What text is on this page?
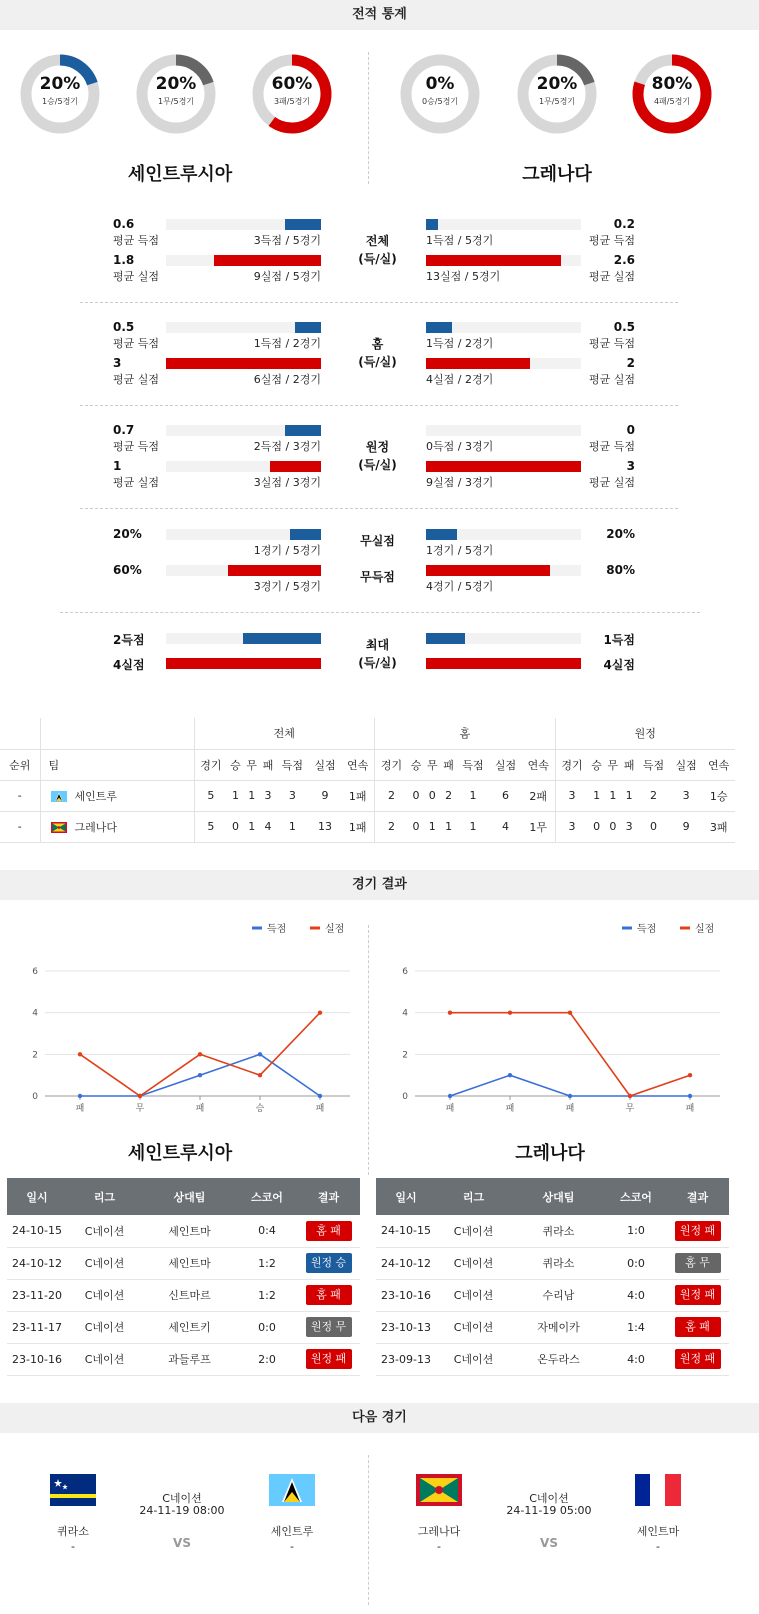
전적 통계
20%
1승/5경기
20%
1무/5경기
60%
3패/5경기
0%
0승/5경기
20%
1무/5경기
80%
4패/5경기
세인트루시아	그레나다
전체
(득/실)
0.6
평균 득점	3득점 / 5경기	1득점 / 5경기
0.2
평균 득점
1.8
평균 실점	9실점 / 5경기	13실점 / 5경기
2.6
평균 실점
홈
(득/실)
0.5
평균 득점	1득점 / 2경기	1득점 / 2경기
0.5
평균 득점
3
평균 실점	6실점 / 2경기	4실점 / 2경기
2
평균 실점
원정
(득/실)
0.7
평균 득점	2득점 / 3경기	0득점 / 3경기
0
평균 득점
1
평균 실점	3실점 / 3경기	9실점 / 3경기
3
평균 실점
무실점
20%
1경기 / 5경기	1경기 / 5경기
20%
무득점
60%
3경기 / 5경기	4경기 / 5경기
80%
최대
(득/실)
2득점	1득점
4실점	4실점
		전체							홈							원정						
순위	팀	경기	승	무	패	득점	실점	연속	경기	승	무	패	득점	실점	연속	경기	승	무	패	득점	실점	연속
-	세인트루	5	1	1	3	3	9	1패	2	0	0	2	1	6	2패	3	1	1	1	2	3	1승
-	그레나다	5	0	1	4	1	13	1패	2	0	1	1	1	4	1무	3	0	0	3	0	9	3패
경기 결과
득점	실점
0
2
4
6
패	무	패	승	패
득점	실점
0
2
4
6
패	패	패	무	패
세인트루시아	그레나다
일시	리그	상대팀	스코어	결과
24-10-15	C네이션	세인트마	0:4	홈 패
24-10-12	C네이션	세인트마	1:2	원정 승
23-11-20	C네이션	신트마르	1:2	홈 패
23-11-17	C네이션	세인트키	0:0	원정 무
23-10-16	C네이션	과들루프	2:0	원정 패
일시	리그	상대팀	스코어	결과
24-10-15	C네이션	퀴라소	1:0	원정 패
24-10-12	C네이션	퀴라소	0:0	홈 무
23-10-16	C네이션	수리남	4:0	원정 패
23-10-13	C네이션	자메이카	1:4	홈 패
23-09-13	C네이션	온두라스	4:0	원정 패
다음 경기
퀴라소
-
C네이션
24-11-19 08:00
VS
세인트루
-
그레나다
-
C네이션
24-11-19 05:00
VS
세인트마
-
